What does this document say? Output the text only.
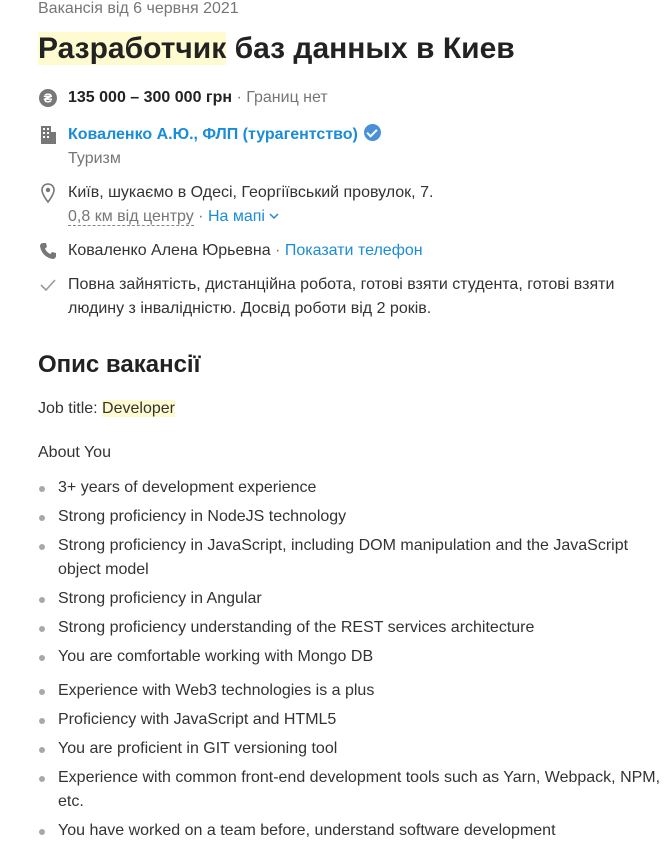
Вакансія від 6 червня 2021
Разработчик баз данных в Киев
₴ 135 000 – 300 000 грн · Границ нет
Коваленко А.Ю., ФЛП (турагентство)
Туризм
Київ, шукаємо в Одесі, Георгіївський провулок, 7.
0,8 км від центру · На мапі
Коваленко Алена Юрьевна · Показати телефон
Повна зайнятість, дистанційна робота, готові взяти студента, готові взяти
людину з інвалідністю. Досвід роботи від 2 років.
Опис вакансії
Job title: Developer
About You
3+ years of development experience
Strong proficiency in NodeJS technology
Strong proficiency in JavaScript, including DOM manipulation and the JavaScript object model
Strong proficiency in Angular
Strong proficiency understanding of the REST services architecture
You are comfortable working with Mongo DB
Experience with Web3 technologies is a plus
Proficiency with JavaScript and HTML5
You are proficient in GIT versioning tool
Experience with common front-end development tools such as Yarn, Webpack, NPM, etc.
You have worked on a team before, understand software development
